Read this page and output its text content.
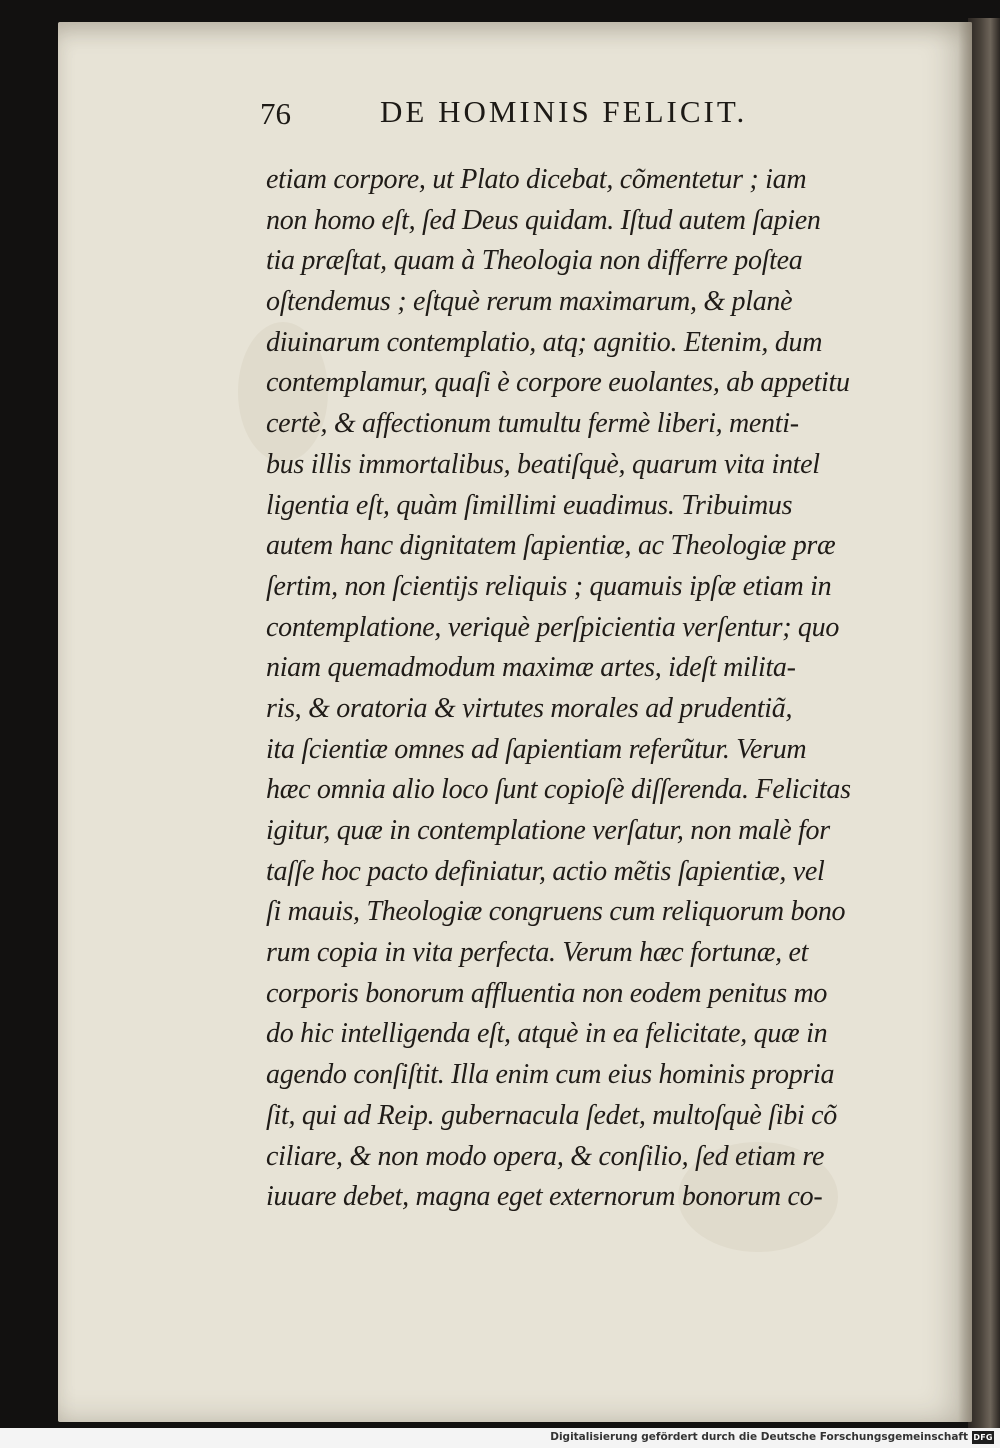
76	DE HOMINIS FELICIT.
etiam corpore, ut Plato dicebat, cõmentetur ; iam
non homo eſt, ſed Deus quidam. Iſtud autem ſapien
tia præſtat, quam à Theologia non differre poſtea
oſtendemus ; eſtquè rerum maximarum, & planè
diuinarum contemplatio, atq; agnitio. Etenim, dum
contemplamur, quaſi è corpore euolantes, ab appetitu
certè, & affectionum tumultu fermè liberi, menti-
bus illis immortalibus, beatiſquè, quarum vita intel
ligentia eſt, quàm ſimillimi euadimus. Tribuimus
autem hanc dignitatem ſapientiæ, ac Theologiæ præ
ſertim, non ſcientijs reliquis ; quamuis ipſæ etiam in
contemplatione, veriquè perſpicientia verſentur; quo
niam quemadmodum maximæ artes, ideſt milita-
ris, & oratoria & virtutes morales ad prudentiã,
ita ſcientiæ omnes ad ſapientiam referũtur. Verum
hæc omnia alio loco ſunt copioſè diſſerenda. Felicitas
igitur, quæ in contemplatione verſatur, non malè for
taſſe hoc pacto definiatur, actio mẽtis ſapientiæ, vel
ſi mauis, Theologiæ congruens cum reliquorum bono
rum copia in vita perfecta. Verum hæc fortunæ, et
corporis bonorum affluentia non eodem penitus mo
do hic intelligenda eſt, atquè in ea felicitate, quæ in
agendo conſiſtit. Illa enim cum eius hominis propria
ſit, qui ad Reip. gubernacula ſedet, multoſquè ſibi cõ
ciliare, & non modo opera, & conſilio, ſed etiam re
iuuare debet, magna eget externorum bonorum co-
Digitalisierung gefördert durch die Deutsche Forschungsgemeinschaft DFG
